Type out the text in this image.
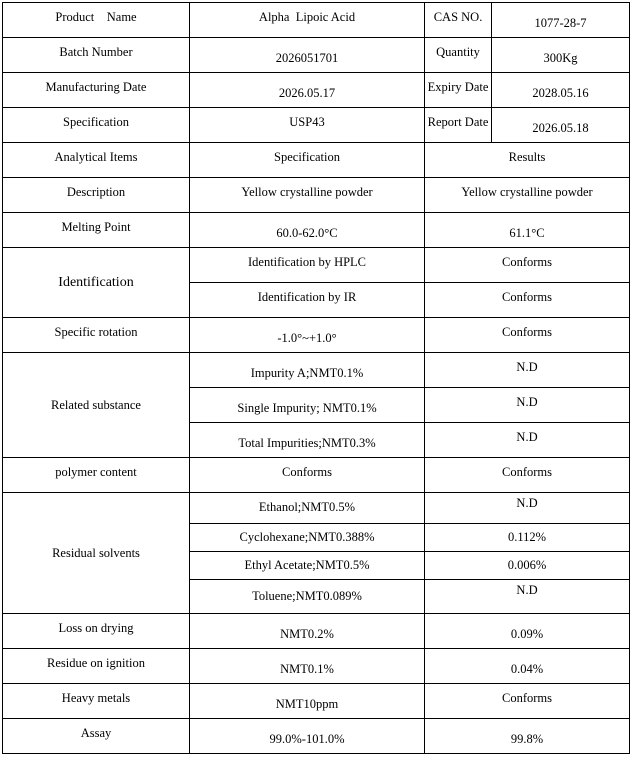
Product    Name	Alpha  Lipoic Acid	CAS NO.	1077-28-7
Batch Number	2026051701	Quantity	300Kg
Manufacturing Date	2026.05.17	Expiry Date	2028.05.16
Specification	USP43	Report Date	2026.05.18
Analytical Items	Specification	Results	
Description	Yellow crystalline powder	Yellow crystalline powder	
Melting Point	60.0-62.0°C	61.1°C	
Identification	Identification by HPLC	Conforms	
	Identification by IR	Conforms	
Specific rotation	-1.0°~+1.0°	Conforms	
Related substance	Impurity A;NMT0.1%	N.D	
	Single Impurity; NMT0.1%	N.D	
	Total Impurities;NMT0.3%	N.D	
polymer content	Conforms	Conforms	
Residual solvents	Ethanol;NMT0.5%	N.D	
	Cyclohexane;NMT0.388%	0.112%	
	Ethyl Acetate;NMT0.5%	0.006%	
	Toluene;NMT0.089%	N.D	
Loss on drying	NMT0.2%	0.09%	
Residue on ignition	NMT0.1%	0.04%	
Heavy metals	NMT10ppm	Conforms	
Assay	99.0%-101.0%	99.8%	
